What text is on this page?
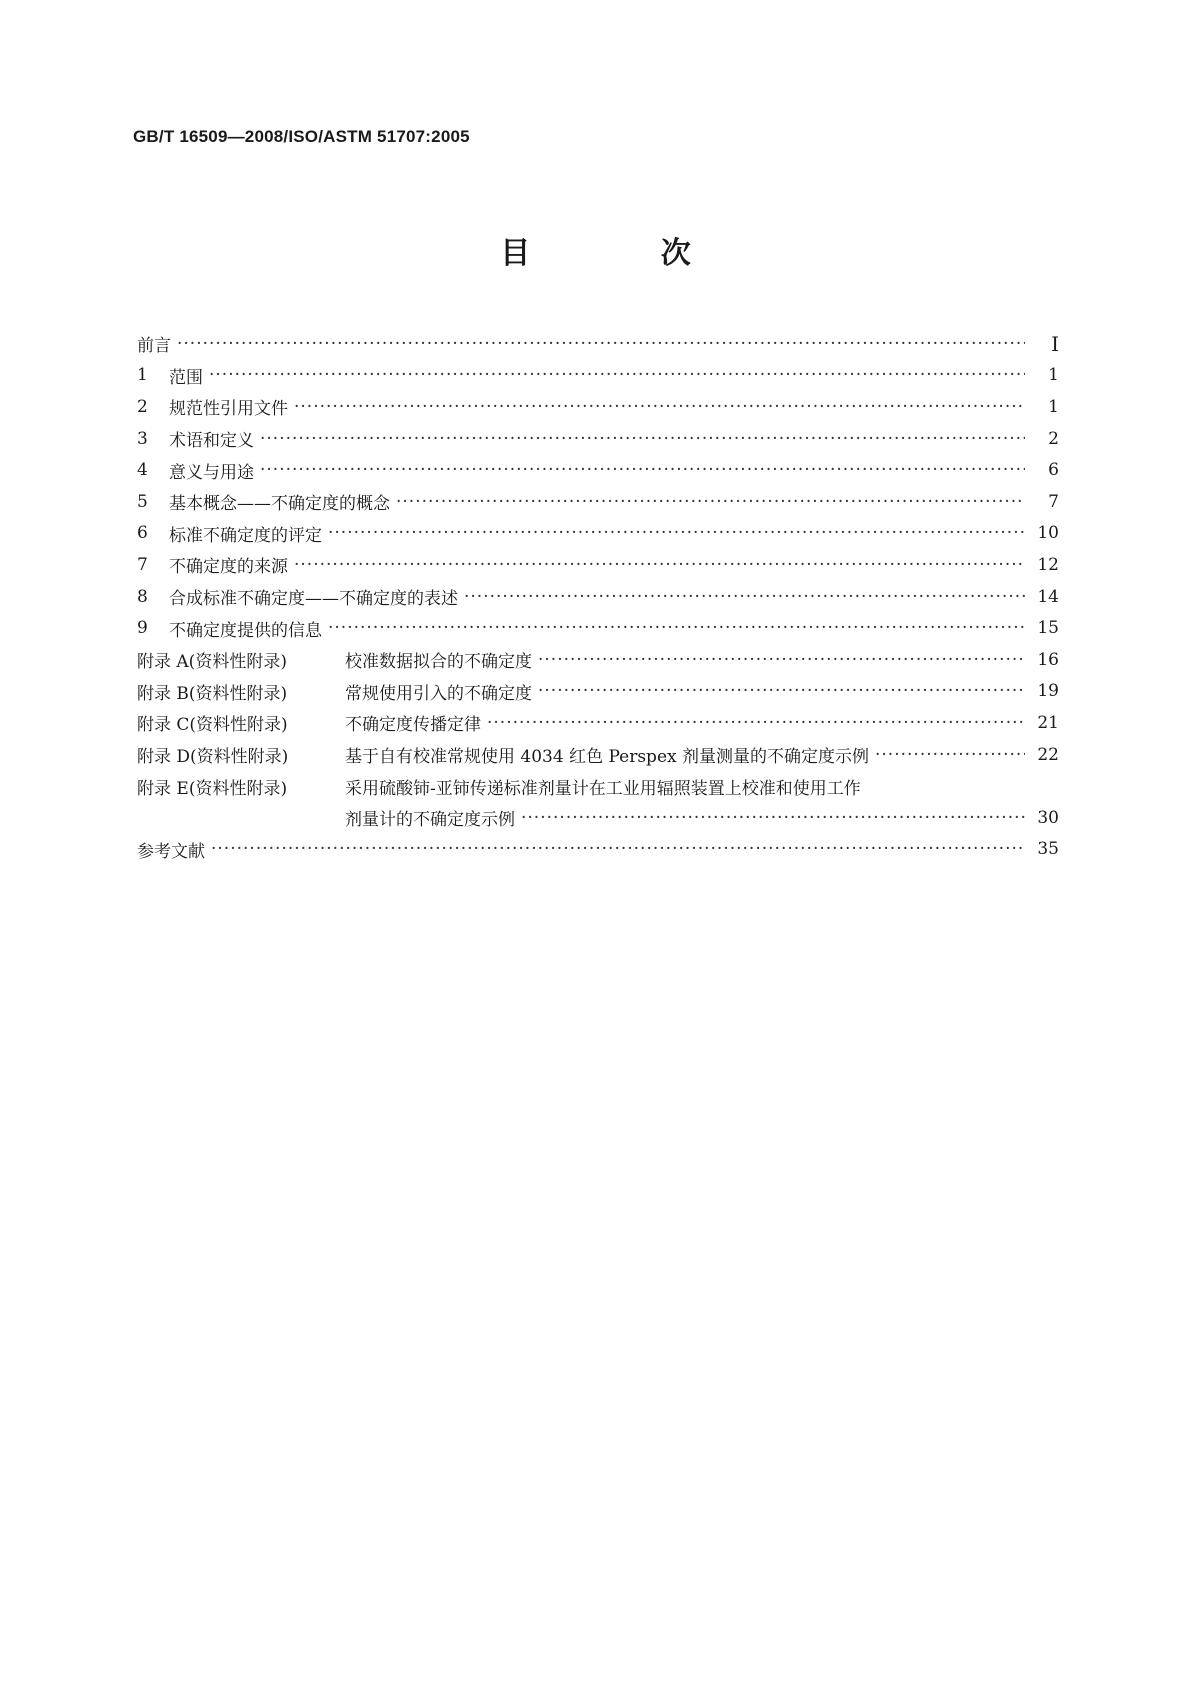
GB/T 16509—2008/ISO/ASTM 51707:2005
目 次
前言 ·····	Ⅰ
1	范围 ·····	1
2	规范性引用文件 ·····	1
3	术语和定义 ·····	2
4	意义与用途 ·····	6
5	基本概念——不确定度的概念 ·····	7
6	标准不确定度的评定 ·····	10
7	不确定度的来源 ·····	12
8	合成标准不确定度——不确定度的表述 ·····	14
9	不确定度提供的信息 ·····	15
附录 A(资料性附录)	校准数据拟合的不确定度 ·····	16
附录 B(资料性附录)	常规使用引入的不确定度 ·····	19
附录 C(资料性附录)	不确定度传播定律 ·····	21
附录 D(资料性附录)	基于自有校准常规使用 4034 红色 Perspex 剂量测量的不确定度示例 ·····	22
附录 E(资料性附录)	采用硫酸铈-亚铈传递标准剂量计在工业用辐照装置上校准和使用工作
剂量计的不确定度示例 ·····	30
参考文献 ·····	35
